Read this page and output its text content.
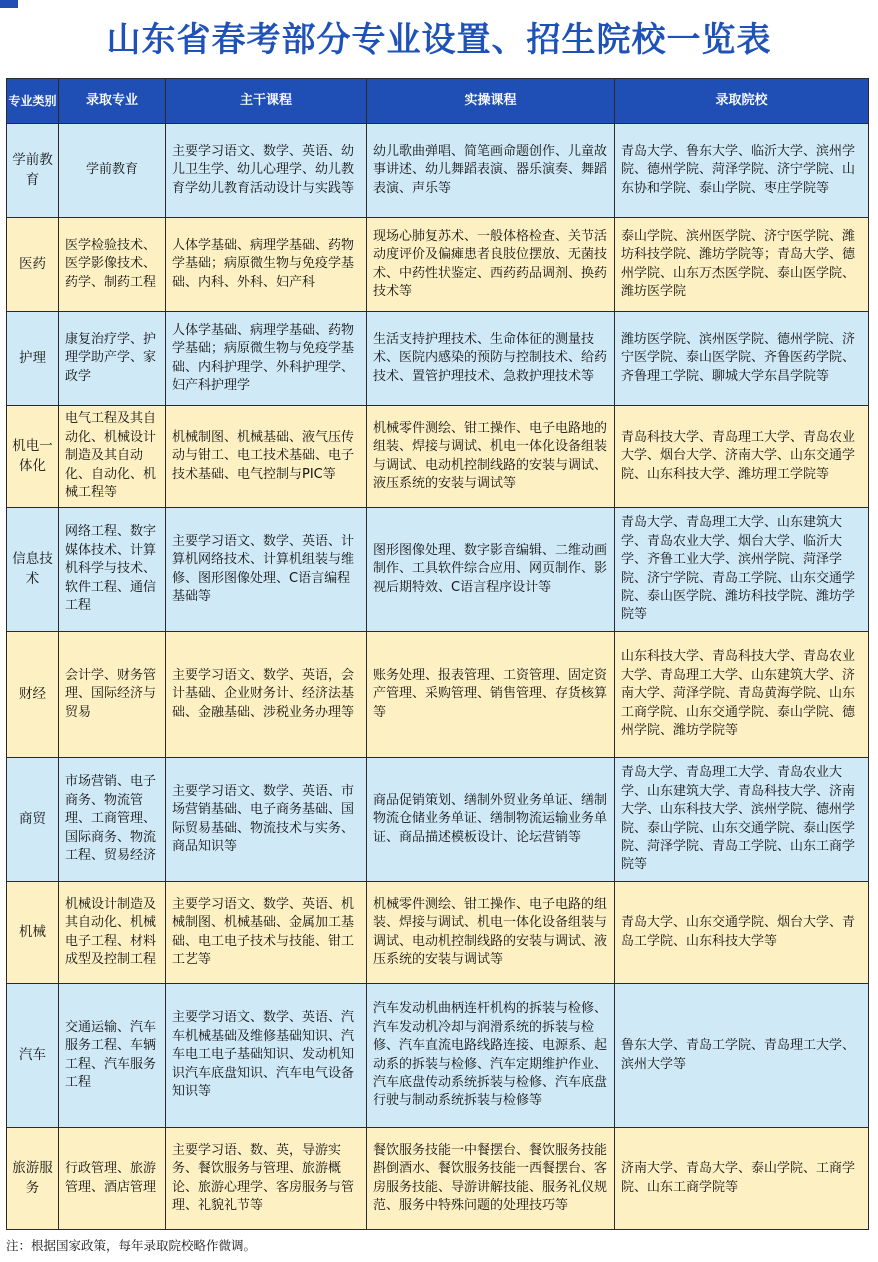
山东省春考部分专业设置、招生院校一览表
专业类别	录取专业	主干课程	实操课程	录取院校
学前教育	学前教育	主要学习语文、数学、英语、幼儿卫生学、幼儿心理学、幼儿教育学幼儿教育活动设计与实践等	幼儿歌曲弹唱、简笔画命题创作、儿童故事讲述、幼儿舞蹈表演、器乐演奏、舞蹈表演、声乐等	青岛大学、鲁东大学、临沂大学、滨州学院、德州学院、菏泽学院、济宁学院、山东协和学院、泰山学院、枣庄学院等
医药	医学检验技术、医学影像技术、药学、制药工程	人体学基础、病理学基础、药物学基础；病原微生物与免疫学基础、内科、外科、妇产科	现场心肺复苏术、一般体格检查、关节活动度评价及偏瘫患者良肢位摆放、无菌技术、中药性状鉴定、西药药品调剂、换药技术等	泰山学院、滨州医学院、济宁医学院、潍坊科技学院、潍坊学院等；青岛大学、德州学院、山东万杰医学院、泰山医学院、潍坊医学院
护理	康复治疗学、护理学助产学、家政学	人体学基础、病理学基础、药物学基础；病原微生物与免疫学基础、内科护理学、外科护理学、妇产科护理学	生活支持护理技术、生命体征的测量技术、医院内感染的预防与控制技术、给药技术、置管护理技术、急救护理技术等	潍坊医学院、滨州医学院、德州学院、济宁医学院、泰山医学院、齐鲁医药学院、齐鲁理工学院、聊城大学东昌学院等
机电一体化	电气工程及其自动化、机械设计制造及其自动化、自动化、机械工程等	机械制图、机械基础、液气压传动与钳工、电工技术基础、电子技术基础、电气控制与PIC等	机械零件测绘、钳工操作、电子电路地的组装、焊接与调试、机电一体化设备组装与调试、电动机控制线路的安装与调试、液压系统的安装与调试等	青岛科技大学、青岛理工大学、青岛农业大学、烟台大学、济南大学、山东交通学院、山东科技大学、潍坊理工学院等
信息技术	网络工程、数字媒体技术、计算机科学与技术、软件工程、通信工程	主要学习语文、数学、英语、计算机网络技术、计算机组装与维修、图形图像处理、C语言编程基础等	图形图像处理、数字影音编辑、二维动画制作、工具软件综合应用、网页制作、影视后期特效、C语言程序设计等	青岛大学、青岛理工大学、山东建筑大学、青岛农业大学、烟台大学、临沂大学、齐鲁工业大学、滨州学院、菏泽学院、济宁学院、青岛工学院、山东交通学院、泰山医学院、潍坊科技学院、潍坊学院等
财经	会计学、财务管理、国际经济与贸易	主要学习语文、数学、英语，会计基础、企业财务计、经济法基础、金融基础、涉税业务办理等	账务处理、报表管理、工资管理、固定资产管理、采购管理、销售管理、存货核算等	山东科技大学、青岛科技大学、青岛农业大学、青岛理工大学、山东建筑大学、济南大学、菏泽学院、青岛黄海学院、山东工商学院、山东交通学院、泰山学院、德州学院、潍坊学院等
商贸	市场营销、电子商务、物流管理、工商管理、国际商务、物流工程、贸易经济	主要学习语文、数学、英语、市场营销基础、电子商务基础、国际贸易基础、物流技术与实务、商品知识等	商品促销策划、缮制外贸业务单证、缮制物流仓储业务单证、缮制物流运输业务单证、商品描述模板设计、论坛营销等	青岛大学、青岛理工大学、青岛农业大学、山东建筑大学、青岛科技大学、济南大学、山东科技大学、滨州学院、德州学院、泰山学院、山东交通学院、泰山医学院、菏泽学院、青岛工学院、山东工商学院等
机械	机械设计制造及其自动化、机械电子工程、材料成型及控制工程	主要学习语文、数学、英语、机械制图、机械基础、金属加工基础、电工电子技术与技能、钳工工艺等	机械零件测绘、钳工操作、电子电路的组装、焊接与调试、机电一体化设备组装与调试、电动机控制线路的安装与调试、液压系统的安装与调试等	青岛大学、山东交通学院、烟台大学、青岛工学院、山东科技大学等
汽车	交通运输、汽车服务工程、车辆工程、汽车服务工程	主要学习语文、数学、英语、汽车机械基础及维修基础知识、汽车电工电子基础知识、发动机知识汽车底盘知识、汽车电气设备知识等	汽车发动机曲柄连杆机构的拆装与检修、汽车发动机冷却与润滑系统的拆装与检修、汽车直流电路线路连接、电源系、起动系的拆装与检修、汽车定期维护作业、汽车底盘传动系统拆装与检修、汽车底盘行驶与制动系统拆装与检修等	鲁东大学、青岛工学院、青岛理工大学、滨州大学等
旅游服务	行政管理、旅游管理、酒店管理	主要学习语、数、英，导游实务、餐饮服务与管理、旅游概论、旅游心理学、客房服务与管理、礼貌礼节等	餐饮服务技能一中餐摆台、餐饮服务技能斟倒酒水、餐饮服务技能一西餐摆台、客房服务技能、导游讲解技能、服务礼仪规范、服务中特殊问题的处理技巧等	济南大学、青岛大学、泰山学院、工商学院、山东工商学院等
注：根据国家政策，每年录取院校略作微调。
